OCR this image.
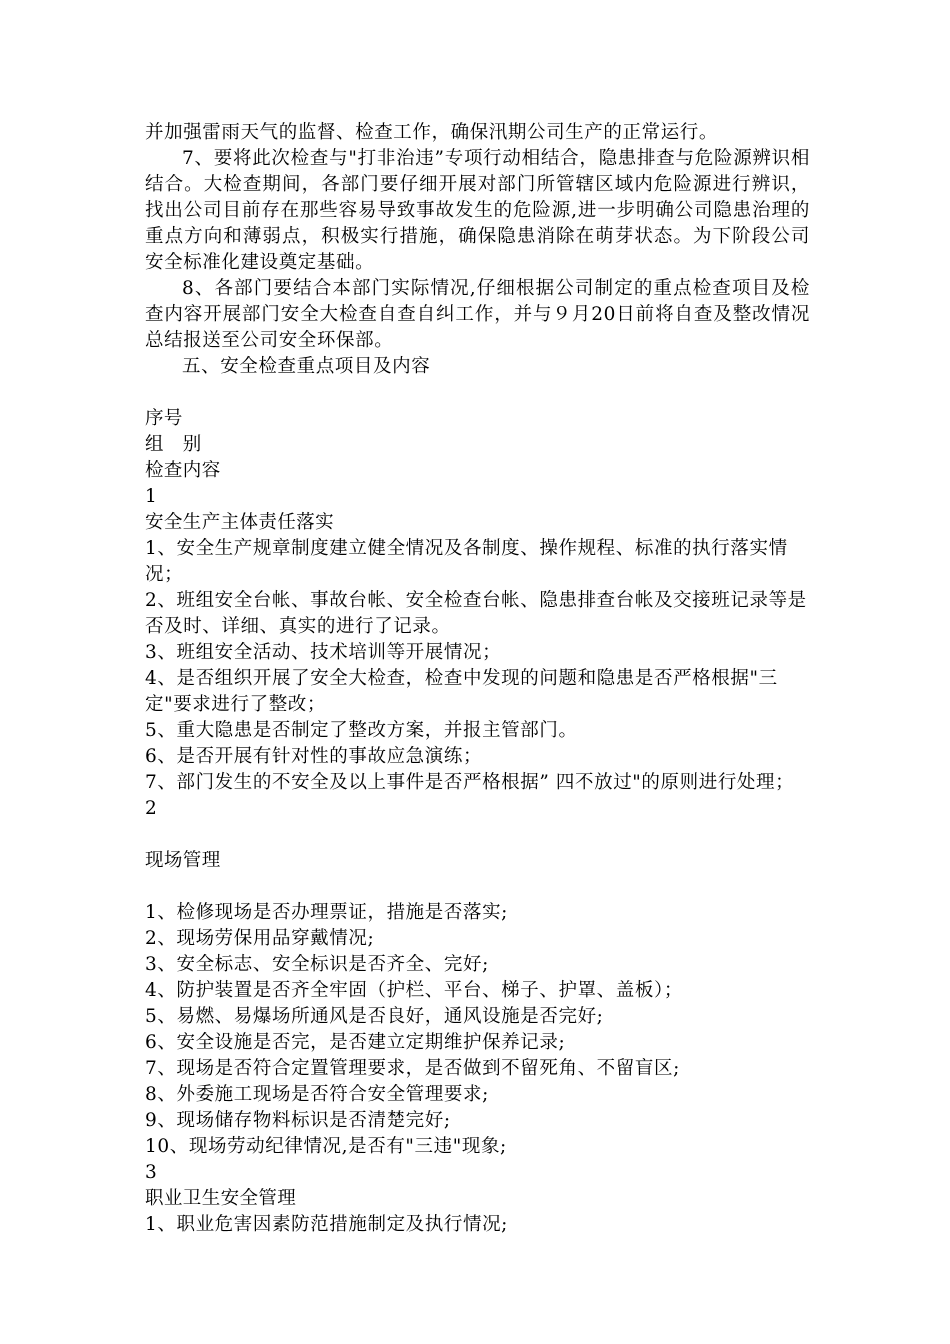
并加强雷雨天气的监督、检查工作，确保汛期公司生产的正常运行。

7、要将此次检查与"打非治违”专项行动相结合，隐患排查与危险源辨识相结合。大检查期间，各部门要仔细开展对部门所管辖区域内危险源进行辨识，找出公司目前存在那些容易导致事故发生的危险源,进一步明确公司隐患治理的重点方向和薄弱点，积极实行措施，确保隐患消除在萌芽状态。为下阶段公司安全标准化建设奠定基础。

8、各部门要结合本部门实际情况,仔细根据公司制定的重点检查项目及检查内容开展部门安全大检查自查自纠工作，并与９月20日前将自查及整改情况总结报送至公司安全环保部。

五、安全检查重点项目及内容

序号

组　别

检查内容

1

安全生产主体责任落实

1、安全生产规章制度建立健全情况及各制度、操作规程、标准的执行落实情况；

2、班组安全台帐、事故台帐、安全检查台帐、隐患排查台帐及交接班记录等是否及时、详细、真实的进行了记录。

3、班组安全活动、技术培训等开展情况；

4、是否组织开展了安全大检查，检查中发现的问题和隐患是否严格根据"三定"要求进行了整改；

5、重大隐患是否制定了整改方案，并报主管部门。

6、是否开展有针对性的事故应急演练；

7、部门发生的不安全及以上事件是否严格根据” 四不放过"的原则进行处理；

2

现场管理

1、检修现场是否办理票证，措施是否落实;

2、现场劳保用品穿戴情况;

3、安全标志、安全标识是否齐全、完好;

4、防护装置是否齐全牢固（护栏、平台、梯子、护罩、盖板）；

5、易燃、易爆场所通风是否良好，通风设施是否完好;

6、安全设施是否完，是否建立定期维护保养记录;

7、现场是否符合定置管理要求，是否做到不留死角、不留盲区;

8、外委施工现场是否符合安全管理要求;

9、现场储存物料标识是否清楚完好;

10、现场劳动纪律情况,是否有"三违"现象;

3

职业卫生安全管理

1、职业危害因素防范措施制定及执行情况;
